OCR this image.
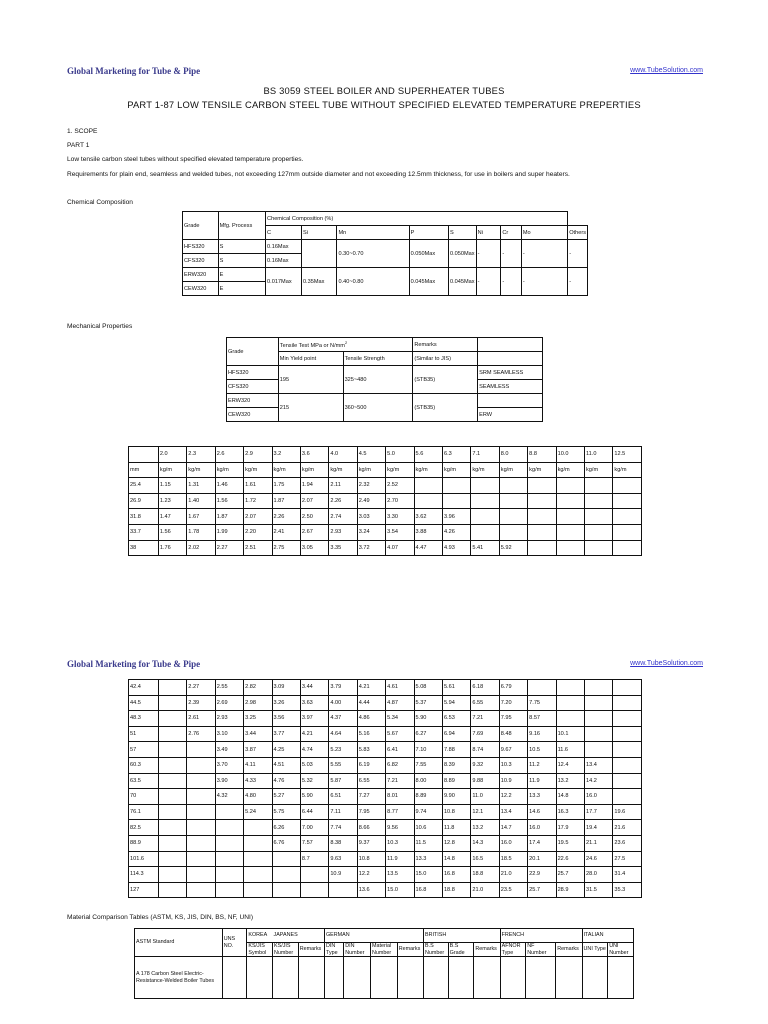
Global Marketing for Tube & Pipe	www.TubeSolution.com
BS 3059 STEEL BOILER AND SUPERHEATER TUBES
PART 1-87 LOW TENSILE CARBON STEEL TUBE WITHOUT SPECIFIED ELEVATED TEMPERATURE PREPERTIES
1. SCOPE
PART 1
Low tensile carbon steel tubes without specified elevated temperature properties.
Requirements for plain end, seamless and welded tubes, not exceeding 127mm outside diameter and not exceeding 12.5mm thickness, for use in boilers and super heaters.
Chemical Composition
Grade	Mfg. Process	Chemical Composition (%)								
		C	Si	Mn	P	S	Ni	Cr	Mo	Others
HFS320	S	0.16Max		0.30~0.70	0.050Max	0.050Max	-	-	-	-
CFS320	S	0.16Max								
ERW320	E	0.017Max	0.35Max	0.40~0.80	0.045Max	0.045Max	-	-	-	-
CEW320	E									
Mechanical Properties
Grade	Tensile Test MPa or $N/mm^2$		Remarks	
	Min Yield point	Tensile Strength	(Similar to JIS)	
HFS320	195	325~480	(STB35)	SRM SEAMLESS
CFS320				SEAMLESS
ERW320	215	360~500	(STB35)	
CEW320				ERW
	2.0	2.3	2.6	2.9	3.2	3.6	4.0	4.5	5.0	5.6	6.3	7.1	8.0	8.8	10.0	11.0	12.5
mm	kg/m	kg/m	kg/m	kg/m	kg/m	kg/m	kg/m	kg/m	kg/m	kg/m	kg/m	kg/m	kg/m	kg/m	kg/m	kg/m	kg/m
25.4	1.15	1.31	1.46	1.61	1.75	1.94	2.11	2.32	2.52								
26.9	1.23	1.40	1.56	1.72	1.87	2.07	2.26	2.49	2.70								
31.8	1.47	1.67	1.87	2.07	2.26	2.50	2.74	3.03	3.30	3.62	3.96						
33.7	1.56	1.78	1.99	2.20	2.41	2.67	2.93	3.24	3.54	3.88	4.26						
38	1.76	2.02	2.27	2.51	2.75	3.05	3.35	3.72	4.07	4.47	4.93	5.41	5.92				
Global Marketing for Tube & Pipe	www.TubeSolution.com
42.4		2.27	2.55	2.82	3.09	3.44	3.79	4.21	4.61	5.08	5.61	6.18	6.79				
44.5		2.39	2.69	2.98	3.26	3.63	4.00	4.44	4.87	5.37	5.94	6.55	7.20	7.75			
48.3		2.61	2.93	3.25	3.56	3.97	4.37	4.86	5.34	5.90	6.53	7.21	7.95	8.57			
51		2.76	3.10	3.44	3.77	4.21	4.64	5.16	5.67	6.27	6.94	7.69	8.48	9.16	10.1		
57			3.49	3.87	4.25	4.74	5.23	5.83	6.41	7.10	7.88	8.74	9.67	10.5	11.6		
60.3			3.70	4.11	4.51	5.03	5.55	6.19	6.82	7.55	8.39	9.32	10.3	11.2	12.4	13.4	
63.5			3.90	4.33	4.76	5.32	5.87	6.55	7.21	8.00	8.89	9.88	10.9	11.9	13.2	14.2	
70			4.32	4.80	5.27	5.90	6.51	7.27	8.01	8.89	9.90	11.0	12.2	13.3	14.8	16.0	
76.1				5.24	5.75	6.44	7.11	7.95	8.77	9.74	10.8	12.1	13.4	14.6	16.3	17.7	19.6
82.5					6.26	7.00	7.74	8.66	9.56	10.6	11.8	13.2	14.7	16.0	17.9	19.4	21.6
88.9					6.76	7.57	8.38	9.37	10.3	11.5	12.8	14.3	16.0	17.4	19.5	21.1	23.6
101.6						8.7	9.63	10.8	11.9	13.3	14.8	16.5	18.5	20.1	22.6	24.6	27.5
114.3							10.9	12.2	13.5	15.0	16.8	18.8	21.0	22.9	25.7	28.0	31.4
127								13.6	15.0	16.8	18.8	21.0	23.5	25.7	28.9	31.5	35.3
Material Comparison Tables (ASTM, KS, JIS, DIN, BS, NF, UNI)
ASTM Standard	UNS NO.	KOREA	JAPANES		GERMAN				BRITISH			FRENCH			ITALIAN	
		KS/JIS Symbol	KS/JIS Number	Remarks	DIN Type	DIN Number	Material Number	Remarks	B.S Number	B.S Grade	Remarks	AFNOR Type	NF Number	Remarks	UNI Type	UNI Number

A 178 Carbon Steel Electric-Resistance-Welded Boiler Tubes																
